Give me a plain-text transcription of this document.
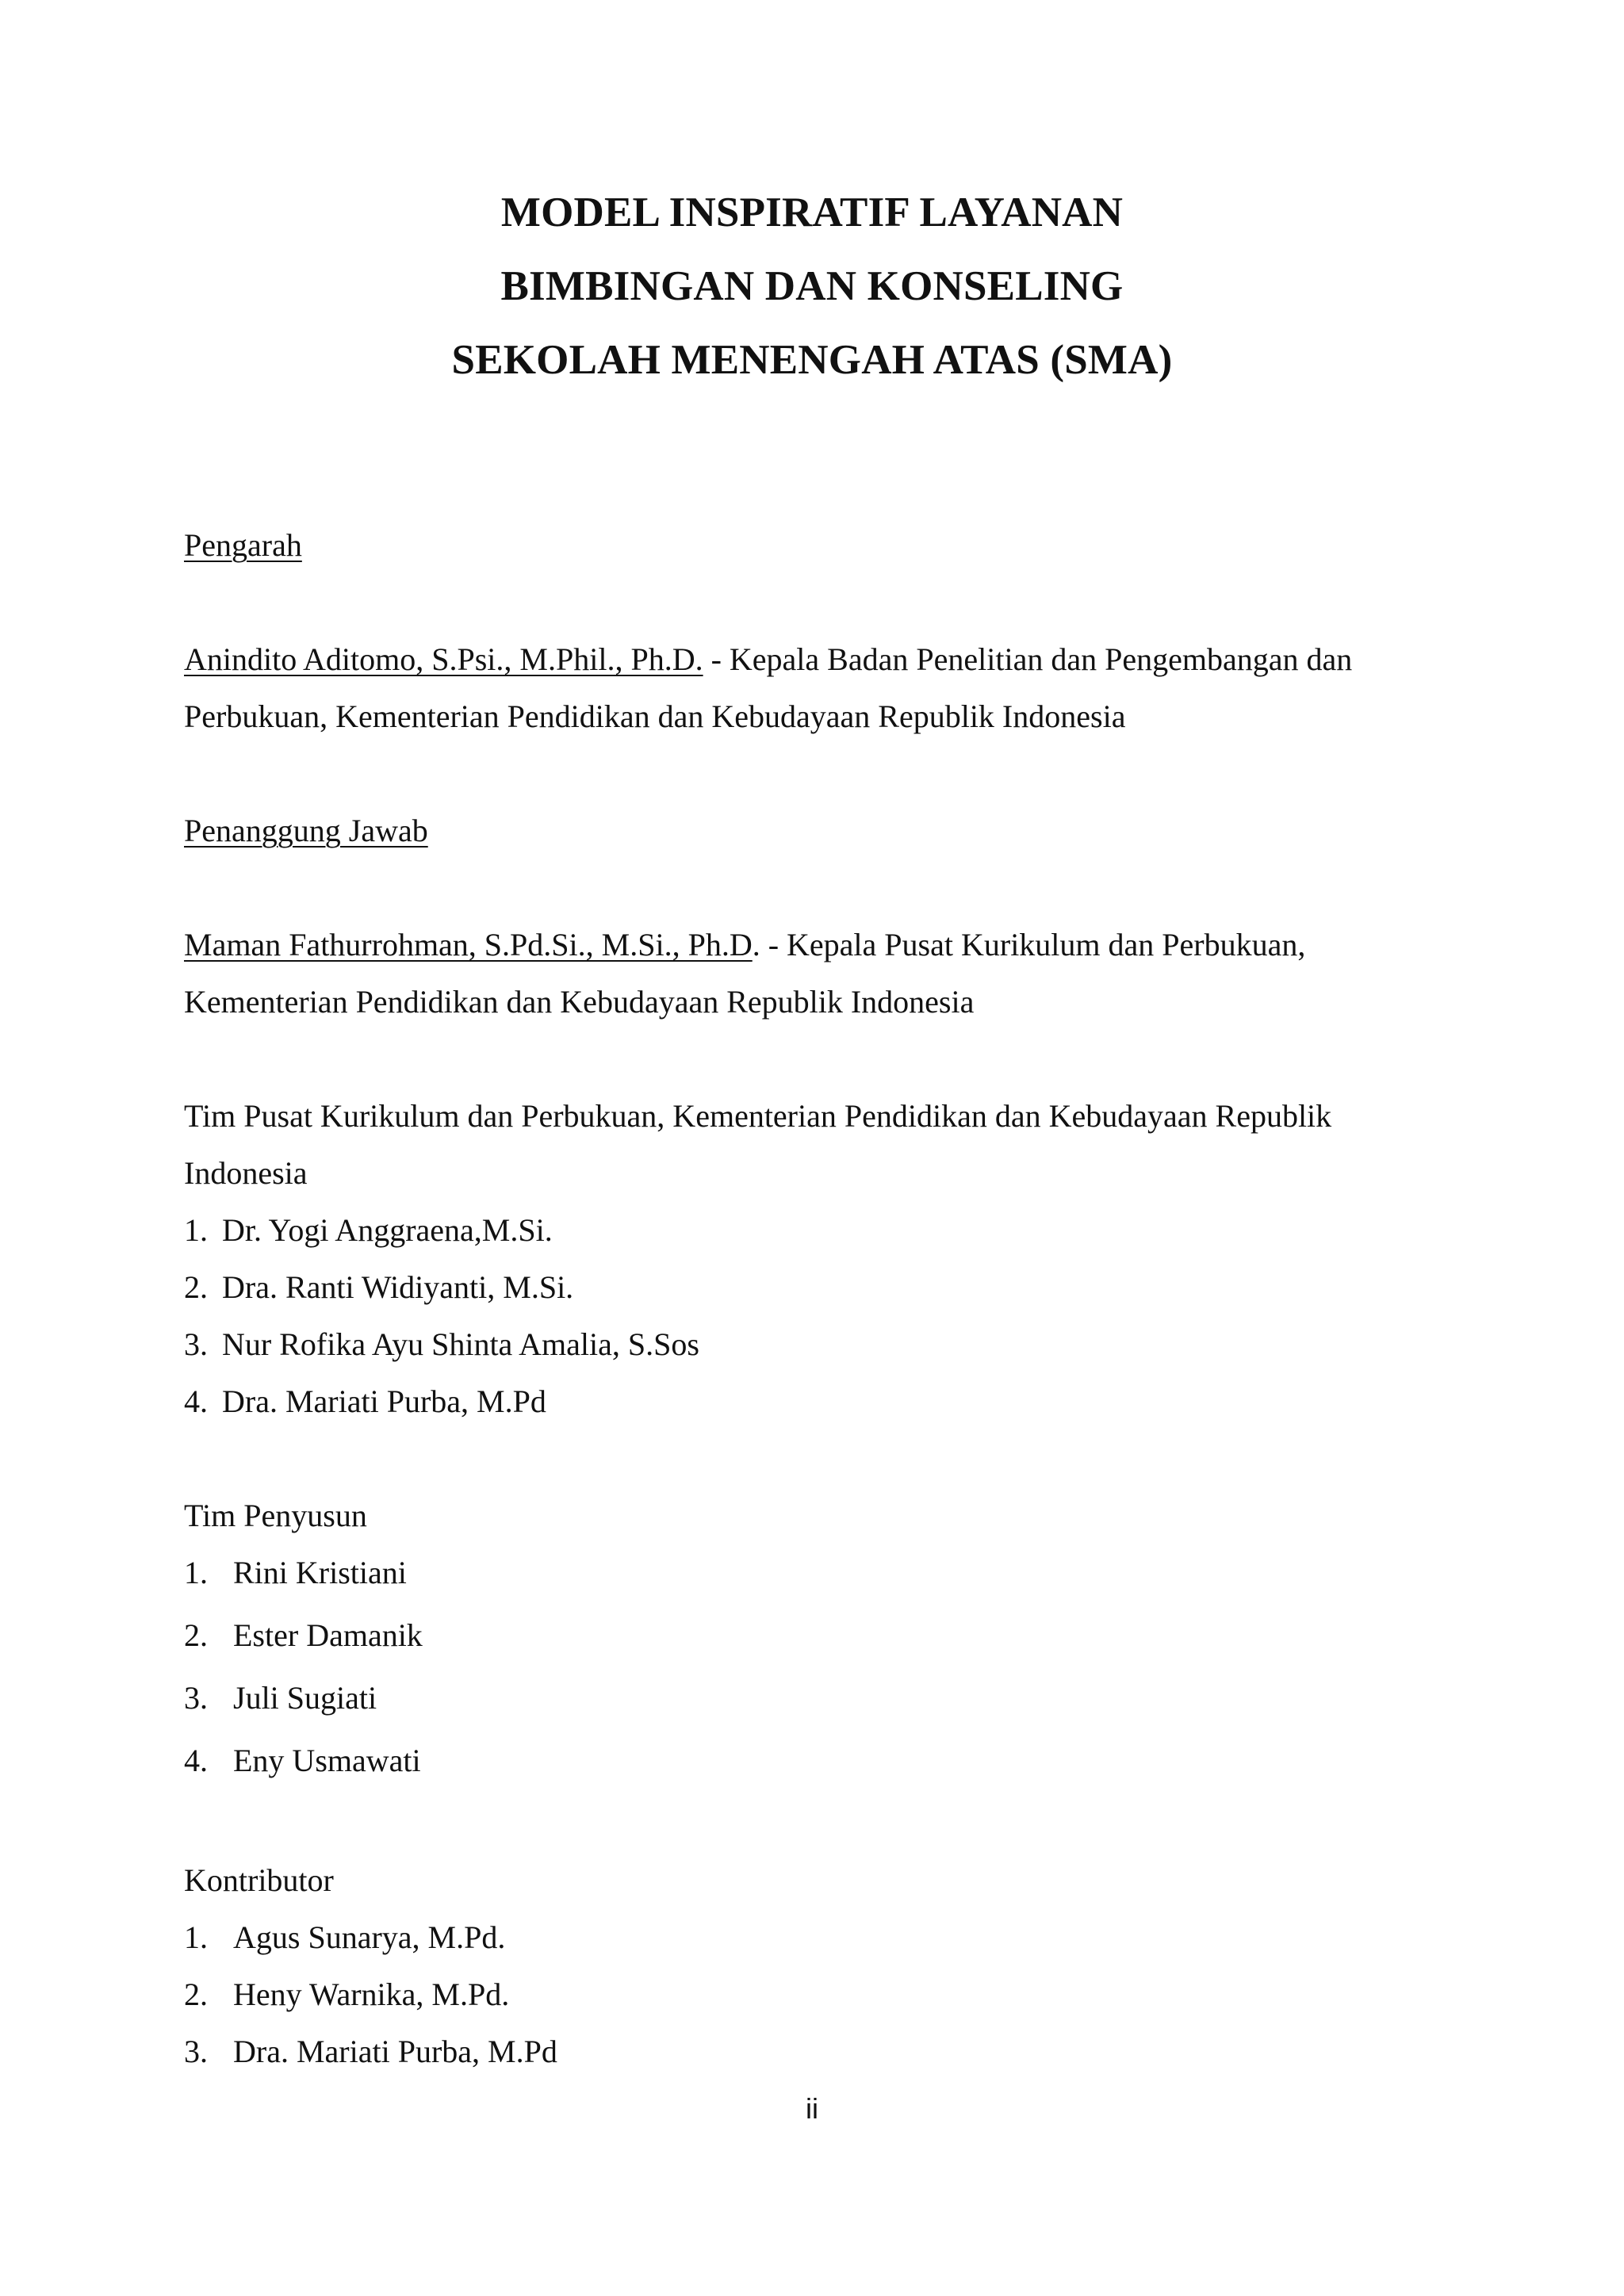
MODEL INSPIRATIF LAYANAN
BIMBINGAN DAN KONSELING
SEKOLAH MENENGAH ATAS (SMA)
Pengarah
Anindito Aditomo, S.Psi., M.Phil., Ph.D. - Kepala Badan Penelitian dan Pengembangan dan
Perbukuan, Kementerian Pendidikan dan Kebudayaan Republik Indonesia
Penanggung Jawab
Maman Fathurrohman, S.Pd.Si., M.Si., Ph.D. - Kepala Pusat Kurikulum dan Perbukuan,
Kementerian Pendidikan dan Kebudayaan Republik Indonesia
Tim Pusat Kurikulum dan Perbukuan, Kementerian Pendidikan dan Kebudayaan Republik
Indonesia
1. Dr. Yogi Anggraena,M.Si.
2. Dra. Ranti Widiyanti, M.Si.
3. Nur Rofika Ayu Shinta Amalia, S.Sos
4. Dra. Mariati Purba, M.Pd
Tim Penyusun
1. Rini Kristiani
2. Ester Damanik
3. Juli Sugiati
4. Eny Usmawati
Kontributor
1. Agus Sunarya, M.Pd.
2. Heny Warnika, M.Pd.
3. Dra. Mariati Purba, M.Pd
ii
